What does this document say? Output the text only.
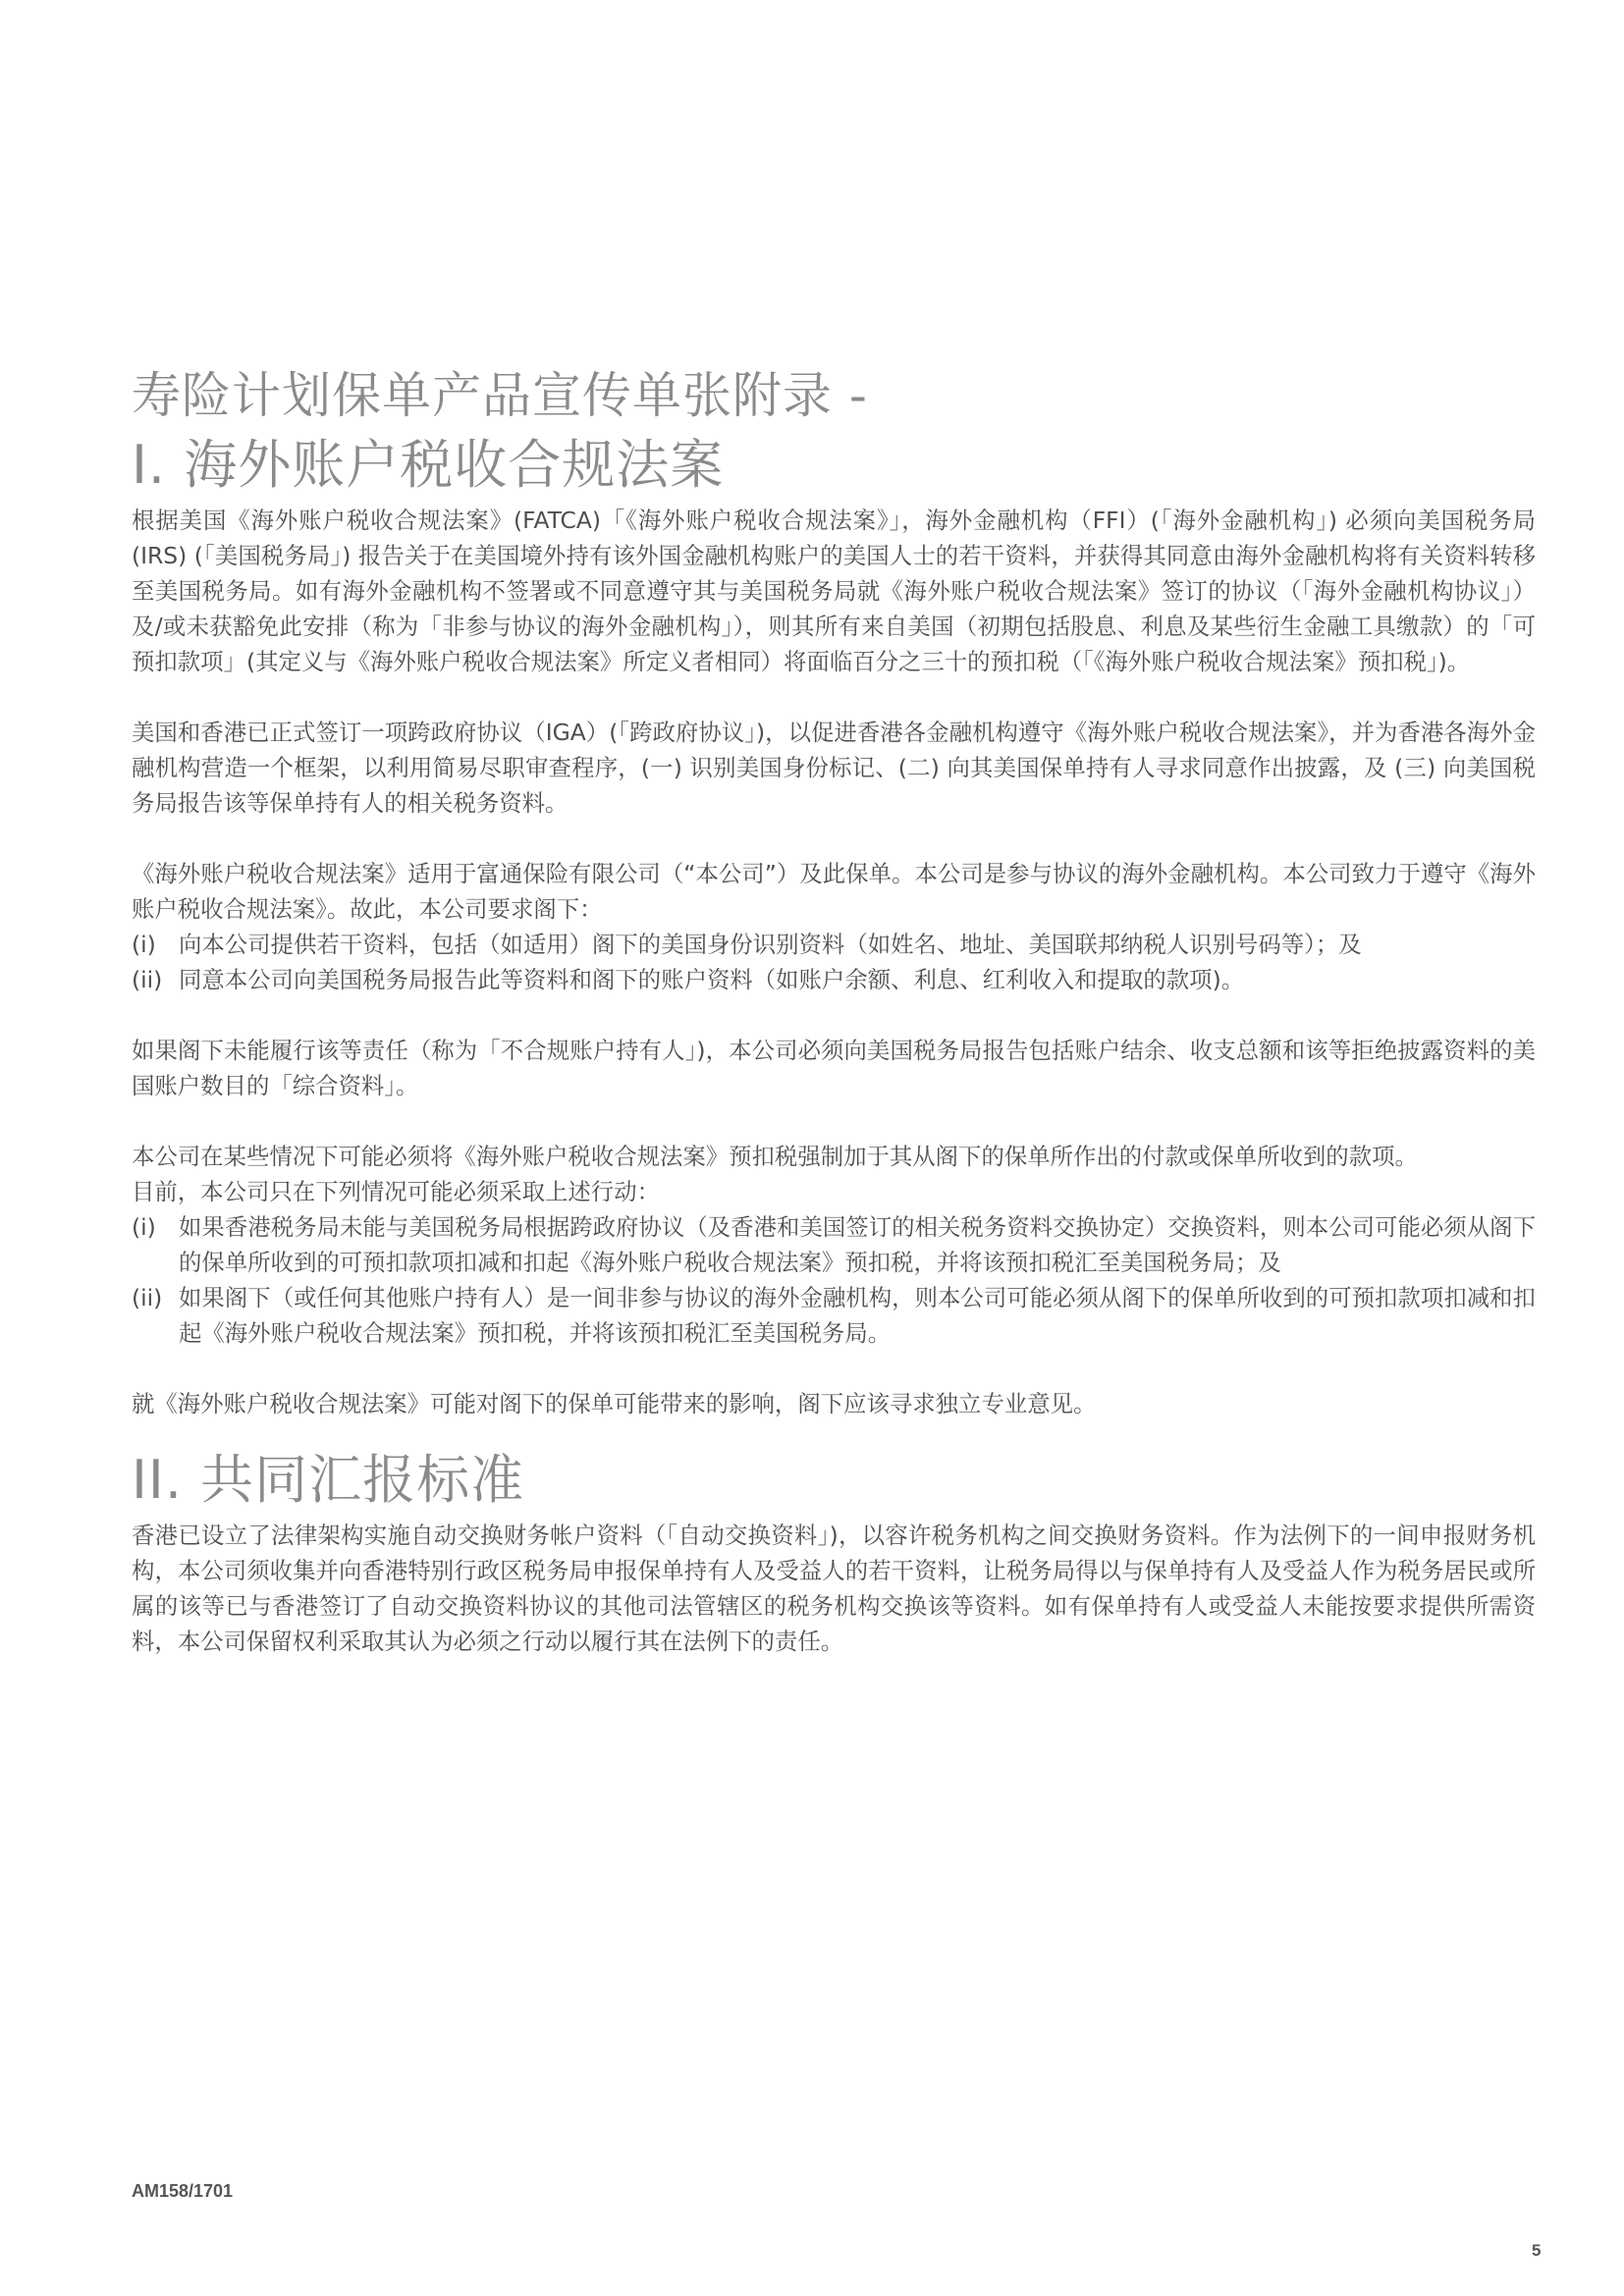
寿险计划保单产品宣传单张附录 -
I. 海外账户税收合规法案

根据美国《海外账户税收合规法案》(FATCA)「《海外账户税收合规法案》」，海外金融机构（FFI）(「海外金融机构」) 必须向美国税务局 (IRS) (「美国税务局」) 报告关于在美国境外持有该外国金融机构账户的美国人士的若干资料，并获得其同意由海外金融机构将有关资料转移至美国税务局。如有海外金融机构不签署或不同意遵守其与美国税务局就《海外账户税收合规法案》签订的协议（「海外金融机构协议」）及/或未获豁免此安排（称为「非参与协议的海外金融机构」），则其所有来自美国（初期包括股息、利息及某些衍生金融工具缴款）的「可预扣款项」(其定义与《海外账户税收合规法案》所定义者相同）将面临百分之三十的预扣税（「《海外账户税收合规法案》预扣税」)。

美国和香港已正式签订一项跨政府协议（IGA）(「跨政府协议」)，以促进香港各金融机构遵守《海外账户税收合规法案》，并为香港各海外金融机构营造一个框架，以利用简易尽职审查程序，(一) 识别美国身份标记、(二) 向其美国保单持有人寻求同意作出披露，及 (三) 向美国税务局报告该等保单持有人的相关税务资料。

《海外账户税收合规法案》适用于富通保险有限公司（“本公司”）及此保单。本公司是参与协议的海外金融机构。本公司致力于遵守《海外账户税收合规法案》。故此，本公司要求阁下：

(i) 向本公司提供若干资料，包括（如适用）阁下的美国身份识别资料（如姓名、地址、美国联邦纳税人识别号码等）；及
(ii) 同意本公司向美国税务局报告此等资料和阁下的账户资料（如账户余额、利息、红利收入和提取的款项)。

如果阁下未能履行该等责任（称为「不合规账户持有人」)，本公司必须向美国税务局报告包括账户结余、收支总额和该等拒绝披露资料的美国账户数目的「综合资料」。

本公司在某些情况下可能必须将《海外账户税收合规法案》预扣税强制加于其从阁下的保单所作出的付款或保单所收到的款项。

目前，本公司只在下列情况可能必须采取上述行动：

(i) 如果香港税务局未能与美国税务局根据跨政府协议（及香港和美国签订的相关税务资料交换协定）交换资料，则本公司可能必须从阁下的保单所收到的可预扣款项扣减和扣起《海外账户税收合规法案》预扣税，并将该预扣税汇至美国税务局；及
(ii) 如果阁下（或任何其他账户持有人）是一间非参与协议的海外金融机构，则本公司可能必须从阁下的保单所收到的可预扣款项扣减和扣起《海外账户税收合规法案》预扣税，并将该预扣税汇至美国税务局。

就《海外账户税收合规法案》可能对阁下的保单可能带来的影响，阁下应该寻求独立专业意见。

II. 共同汇报标准

香港已设立了法律架构实施自动交换财务帐户资料（「自动交换资料」)，以容许税务机构之间交换财务资料。作为法例下的一间申报财务机构，本公司须收集并向香港特别行政区税务局申报保单持有人及受益人的若干资料，让税务局得以与保单持有人及受益人作为税务居民或所属的该等已与香港签订了自动交换资料协议的其他司法管辖区的税务机构交换该等资料。如有保单持有人或受益人未能按要求提供所需资料，本公司保留权利采取其认为必须之行动以履行其在法例下的责任。

AM158/1701
5
